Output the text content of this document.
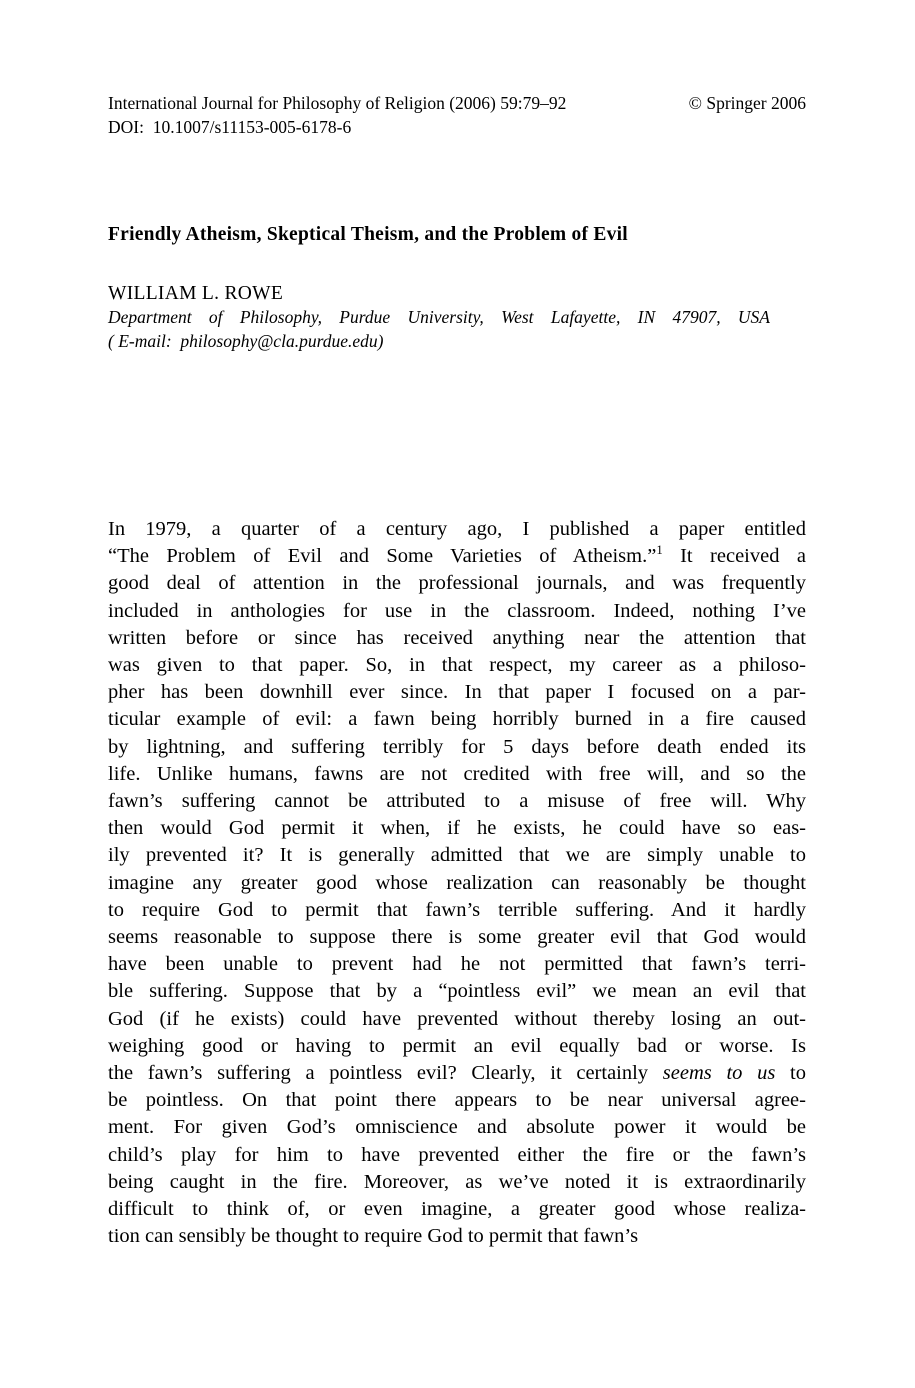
International Journal for Philosophy of Religion (2006) 59:79–92	© Springer 2006
DOI:  10.1007/s11153-005-6178-6
Friendly Atheism, Skeptical Theism, and the Problem of Evil
WILLIAM L. ROWE
Department of Philosophy, Purdue University, West Lafayette, IN 47907, USA
( E-mail:  philosophy@cla.purdue.edu)

In 1979, a quarter of a century ago, I published a paper entitled
“The Problem of Evil and Some Varieties of Atheism.”$^1$ It received a
good deal of attention in the professional journals, and was frequently
included in anthologies for use in the classroom. Indeed, nothing I’ve
written before or since has received anything near the attention that
was given to that paper. So, in that respect, my career as a philoso-
pher has been downhill ever since. In that paper I focused on a par-
ticular example of evil: a fawn being horribly burned in a fire caused
by lightning, and suffering terribly for 5 days before death ended its
life. Unlike humans, fawns are not credited with free will, and so the
fawn’s suffering cannot be attributed to a misuse of free will. Why
then would God permit it when, if he exists, he could have so eas-
ily prevented it? It is generally admitted that we are simply unable to
imagine any greater good whose realization can reasonably be thought
to require God to permit that fawn’s terrible suffering. And it hardly
seems reasonable to suppose there is some greater evil that God would
have been unable to prevent had he not permitted that fawn’s terri-
ble suffering. Suppose that by a “pointless evil” we mean an evil that
God (if he exists) could have prevented without thereby losing an out-
weighing good or having to permit an evil equally bad or worse. Is
the fawn’s suffering a pointless evil? Clearly, it certainly seems to us to
be pointless. On that point there appears to be near universal agree-
ment. For given God’s omniscience and absolute power it would be
child’s play for him to have prevented either the fire or the fawn’s
being caught in the fire. Moreover, as we’ve noted it is extraordinarily
difficult to think of, or even imagine, a greater good whose realiza-
tion can sensibly be thought to require God to permit that fawn’s
